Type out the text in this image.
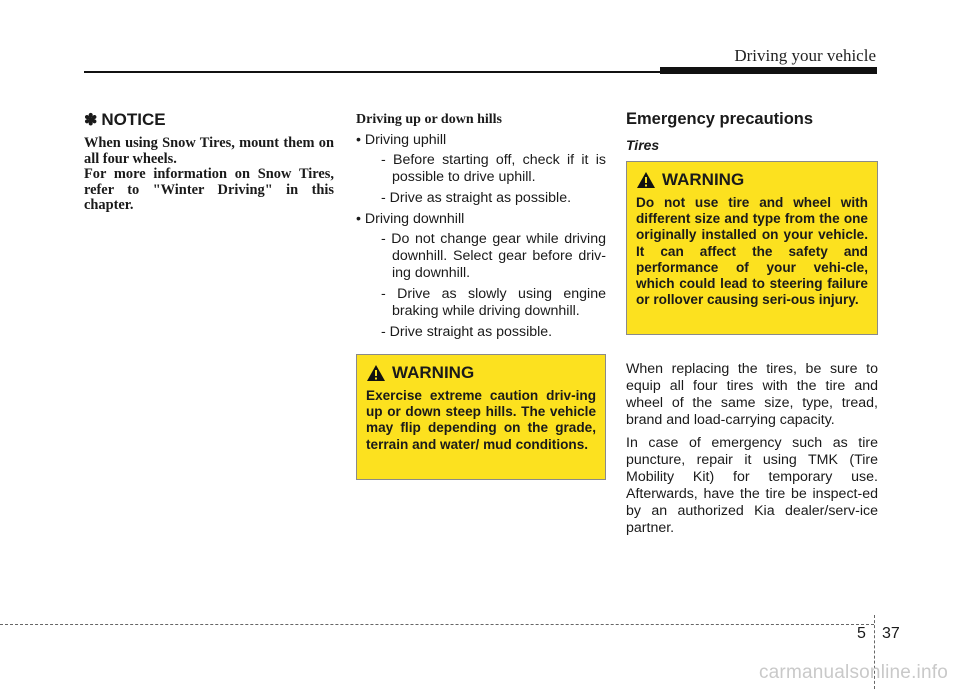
Driving your vehicle
✽ NOTICE

When using Snow Tires, mount them on all four wheels.

For more information on Snow Tires, refer to "Winter Driving" in this chapter.

Driving up or down hills
• Driving uphill
- Before starting off, check if it is possible to drive uphill.
- Drive as straight as possible.
• Driving downhill
- Do not change gear while driving downhill. Select gear before driv-ing downhill.
- Drive as slowly using engine braking while driving downhill.
- Drive straight as possible.
WARNING
Exercise extreme caution driv-ing up or down steep hills. The vehicle may flip depending on the grade, terrain and water/ mud conditions.
Emergency precautions
Tires
WARNING
Do not use tire and wheel with different size and type from the one originally installed on your vehicle. It can affect the safety and performance of your vehi-cle, which could lead to steering failure or rollover causing seri-ous injury.

When replacing the tires, be sure to equip all four tires with the tire and wheel of the same size, type, tread, brand and load-carrying capacity.

In case of emergency such as tire puncture, repair it using TMK (Tire Mobility Kit) for temporary use. Afterwards, have the tire be inspect-ed by an authorized Kia dealer/serv-ice partner.

5 37
carmanualsonline.info
